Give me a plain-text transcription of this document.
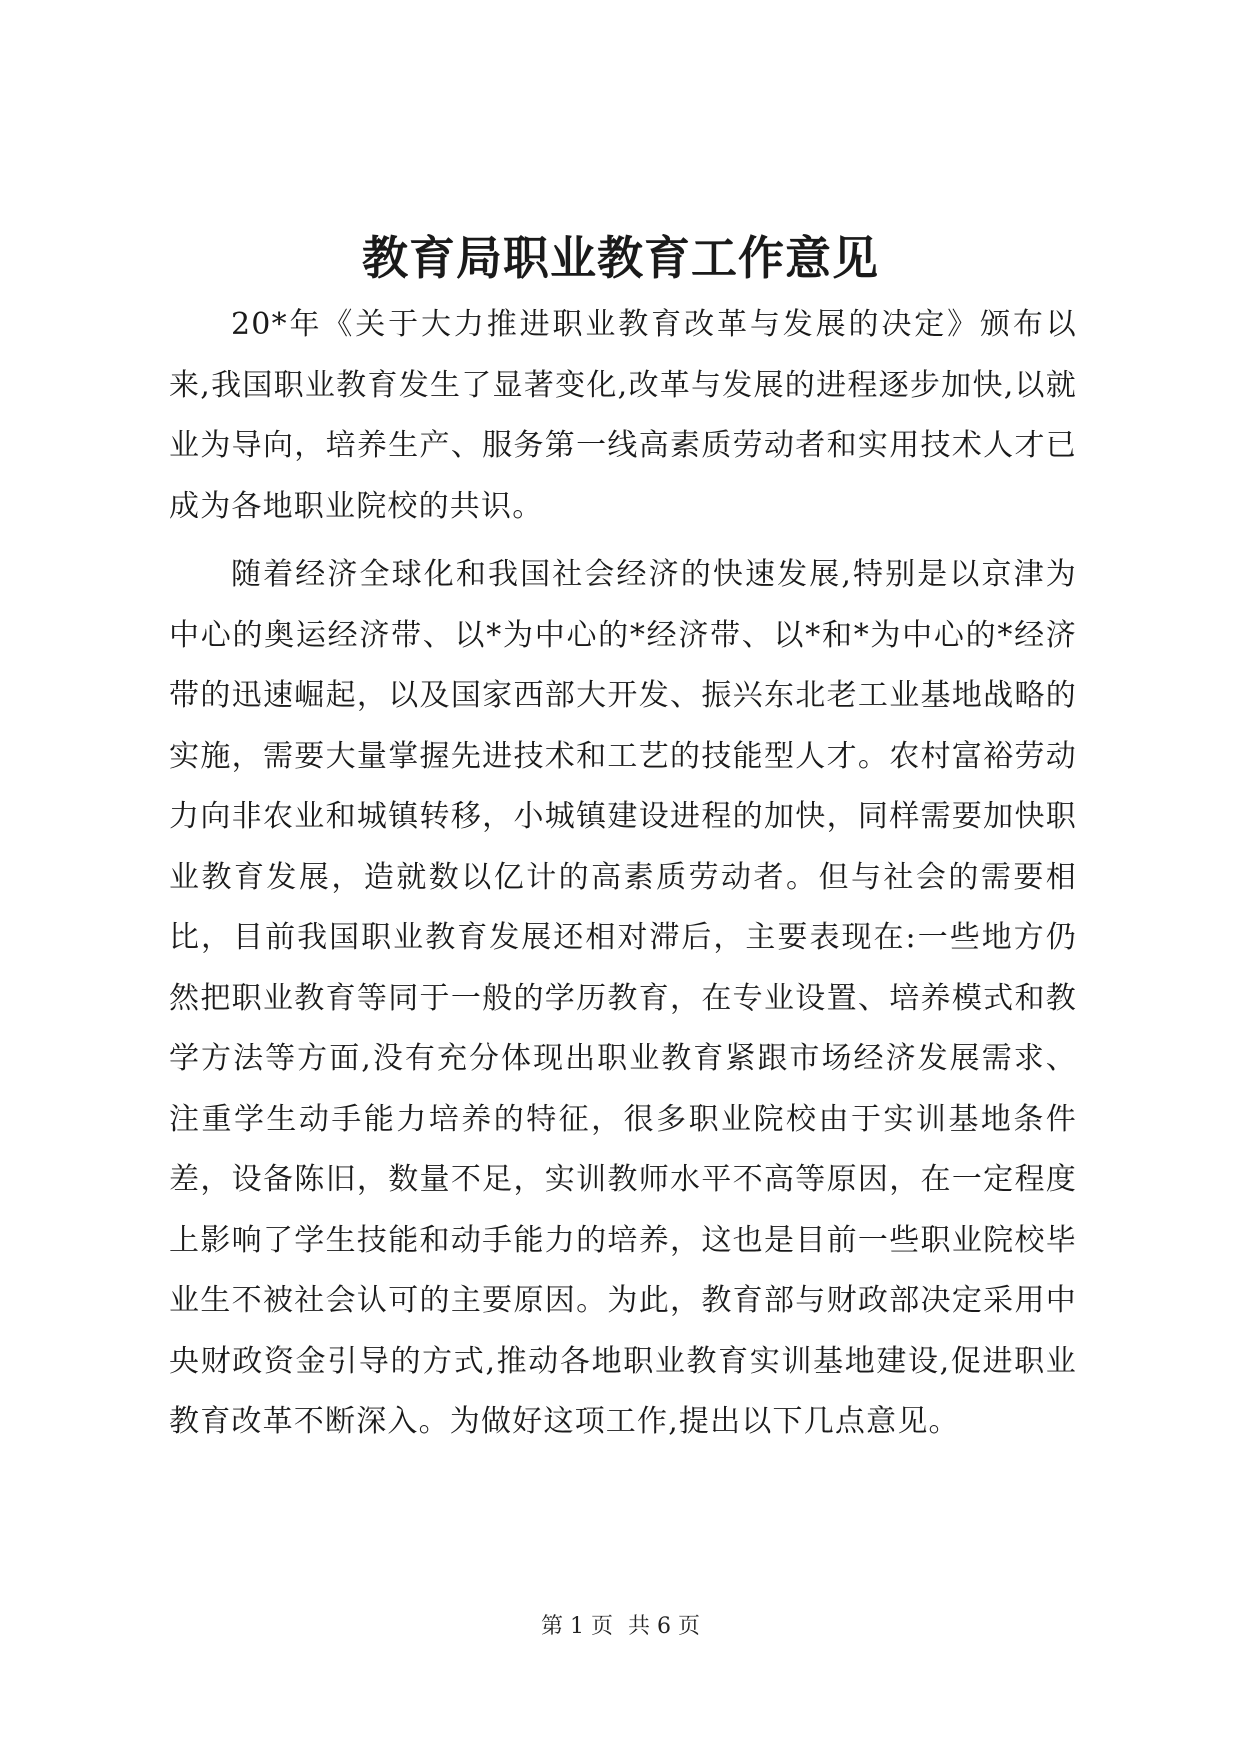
教育局职业教育工作意见

20*年《关于大力推进职业教育改革与发展的决定》颁布以来,我国职业教育发生了显著变化,改革与发展的进程逐步加快,以就业为导向，培养生产、服务第一线高素质劳动者和实用技术人才已成为各地职业院校的共识。

随着经济全球化和我国社会经济的快速发展,特别是以京津为中心的奥运经济带、以*为中心的*经济带、以*和*为中心的*经济带的迅速崛起，以及国家西部大开发、振兴东北老工业基地战略的实施，需要大量掌握先进技术和工艺的技能型人才。农村富裕劳动力向非农业和城镇转移，小城镇建设进程的加快，同样需要加快职业教育发展，造就数以亿计的高素质劳动者。但与社会的需要相比，目前我国职业教育发展还相对滞后，主要表现在:一些地方仍然把职业教育等同于一般的学历教育，在专业设置、培养模式和教学方法等方面,没有充分体现出职业教育紧跟市场经济发展需求、注重学生动手能力培养的特征，很多职业院校由于实训基地条件差，设备陈旧，数量不足，实训教师水平不高等原因，在一定程度上影响了学生技能和动手能力的培养，这也是目前一些职业院校毕业生不被社会认可的主要原因。为此，教育部与财政部决定采用中央财政资金引导的方式,推动各地职业教育实训基地建设,促进职业教育改革不断深入。为做好这项工作,提出以下几点意见。

第 1 页 共 6 页
